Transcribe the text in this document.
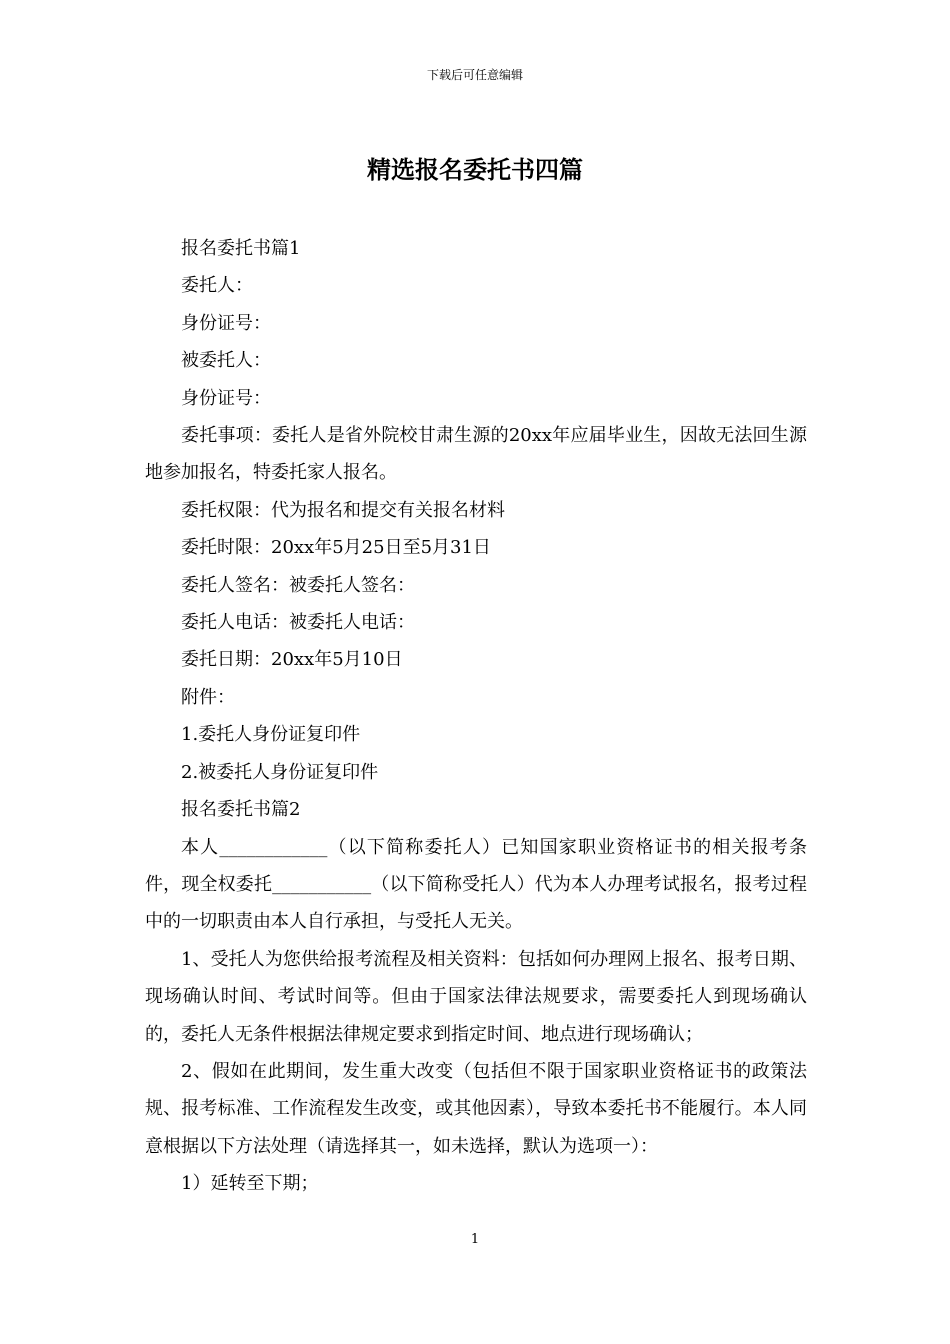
下载后可任意编辑
精选报名委托书四篇

报名委托书篇1

委托人：

身份证号：

被委托人：

身份证号：

委托事项：委托人是省外院校甘肃生源的20xx年应届毕业生，因故无法回生源地参加报名，特委托家人报名。

委托权限：代为报名和提交有关报名材料

委托时限：20xx年5月25日至5月31日

委托人签名：被委托人签名：

委托人电话：被委托人电话：

委托日期：20xx年5月10日

附件：

1.委托人身份证复印件

2.被委托人身份证复印件

报名委托书篇2

本人____________（以下简称委托人）已知国家职业资格证书的相关报考条件，现全权委托___________（以下简称受托人）代为本人办理考试报名，报考过程中的一切职责由本人自行承担，与受托人无关。

1、受托人为您供给报考流程及相关资料：包括如何办理网上报名、报考日期、现场确认时间、考试时间等。但由于国家法律法规要求，需要委托人到现场确认的，委托人无条件根据法律规定要求到指定时间、地点进行现场确认；

2、假如在此期间，发生重大改变（包括但不限于国家职业资格证书的政策法规、报考标准、工作流程发生改变，或其他因素），导致本委托书不能履行。本人同意根据以下方法处理（请选择其一，如未选择，默认为选项一）：

1）延转至下期；

1
